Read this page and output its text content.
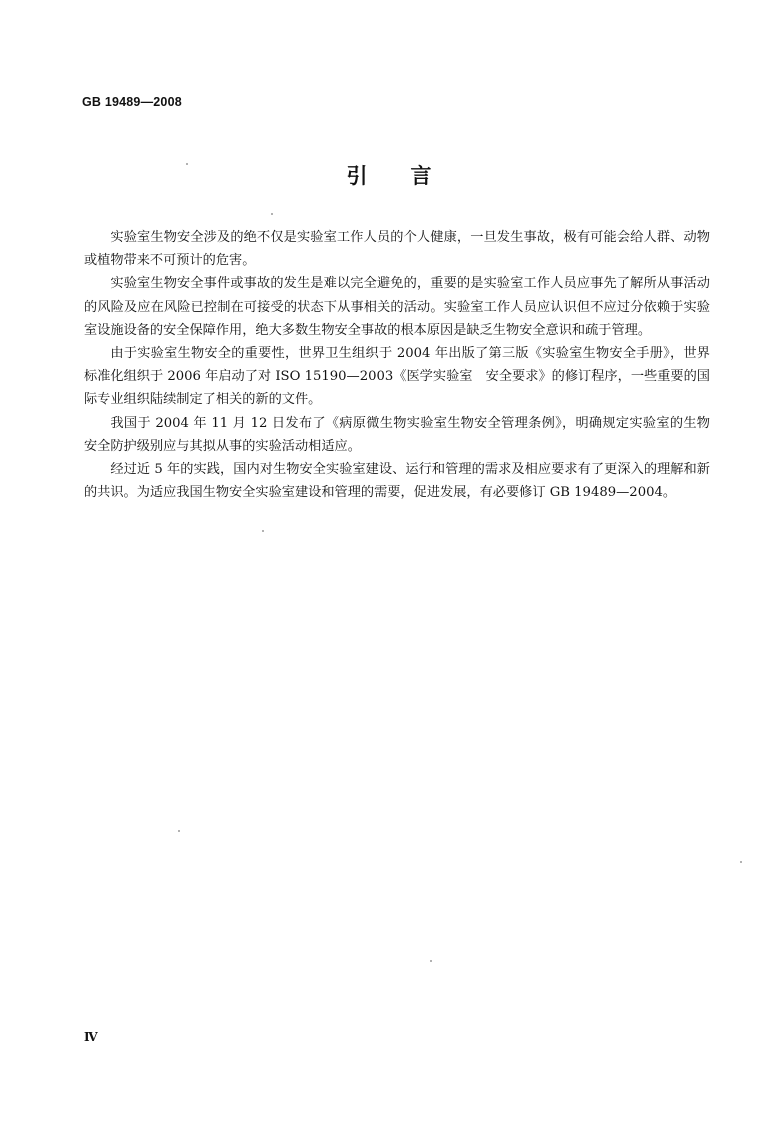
GB 19489—2008
引 言

实验室生物安全涉及的绝不仅是实验室工作人员的个人健康，一旦发生事故，极有可能会给人群、动物或植物带来不可预计的危害。

实验室生物安全事件或事故的发生是难以完全避免的，重要的是实验室工作人员应事先了解所从事活动的风险及应在风险已控制在可接受的状态下从事相关的活动。实验室工作人员应认识但不应过分依赖于实验室设施设备的安全保障作用，绝大多数生物安全事故的根本原因是缺乏生物安全意识和疏于管理。

由于实验室生物安全的重要性，世界卫生组织于 2004 年出版了第三版《实验室生物安全手册》，世界标准化组织于 2006 年启动了对 ISO 15190—2003《医学实验室　安全要求》的修订程序，一些重要的国际专业组织陆续制定了相关的新的文件。

我国于 2004 年 11 月 12 日发布了《病原微生物实验室生物安全管理条例》，明确规定实验室的生物安全防护级别应与其拟从事的实验活动相适应。

经过近 5 年的实践，国内对生物安全实验室建设、运行和管理的需求及相应要求有了更深入的理解和新的共识。为适应我国生物安全实验室建设和管理的需要，促进发展，有必要修订 GB 19489—2004。

Ⅳ
